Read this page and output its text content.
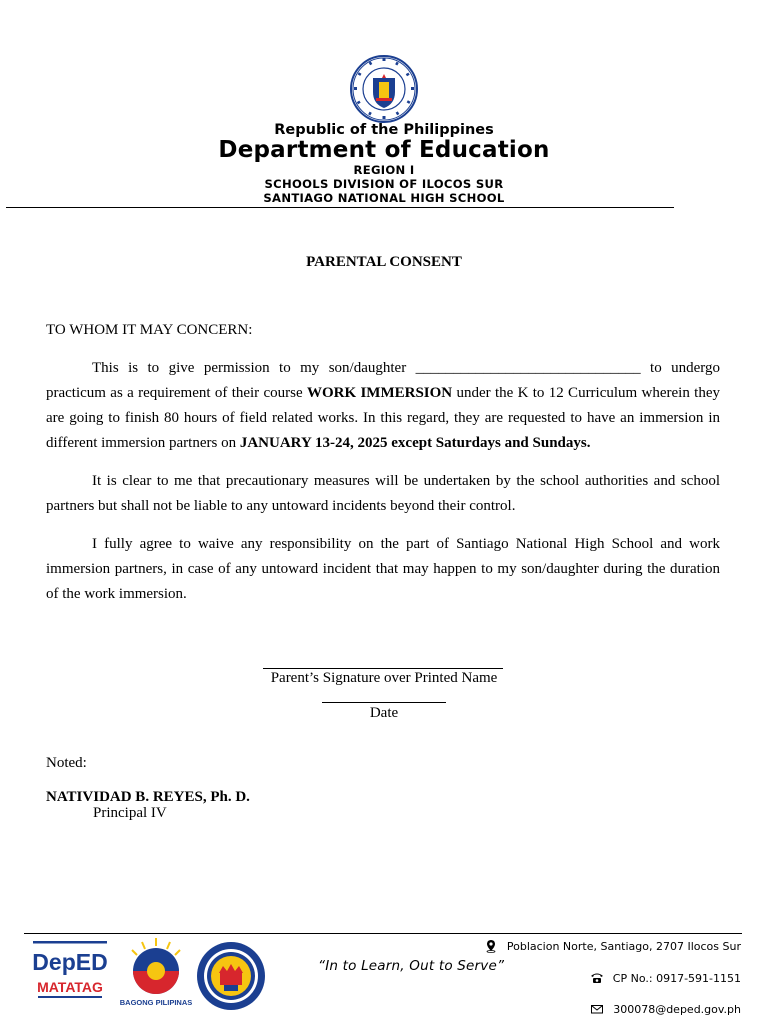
Republic of the Philippines
Department of Education
REGION I
SCHOOLS DIVISION OF ILOCOS SUR
SANTIAGO NATIONAL HIGH SCHOOL
PARENTAL CONSENT
TO WHOM IT MAY CONCERN:

This is to give permission to my son/daughter ______________________________ to undergo practicum as a requirement of their course WORK IMMERSION under the K to 12 Curriculum wherein they are going to finish 80 hours of field related works. In this regard, they are requested to have an immersion in different immersion partners on JANUARY 13-24, 2025 except Saturdays and Sundays.

It is clear to me that precautionary measures will be undertaken by the school authorities and school partners but shall not be liable to any untoward incidents beyond their control.

I fully agree to waive any responsibility on the part of Santiago National High School and work immersion partners, in case of any untoward incident that may happen to my son/daughter during the duration of the work immersion.

Parent’s Signature over Printed Name
Date
Noted:
NATIVIDAD B. REYES, Ph. D.
Principal IV
DepED
MATATAG
BAGONG PILIPINAS
“In to Learn, Out to Serve”
Poblacion Norte, Santiago, 2707 Ilocos Sur
CP No.: 0917-591-1151
300078@deped.gov.ph
